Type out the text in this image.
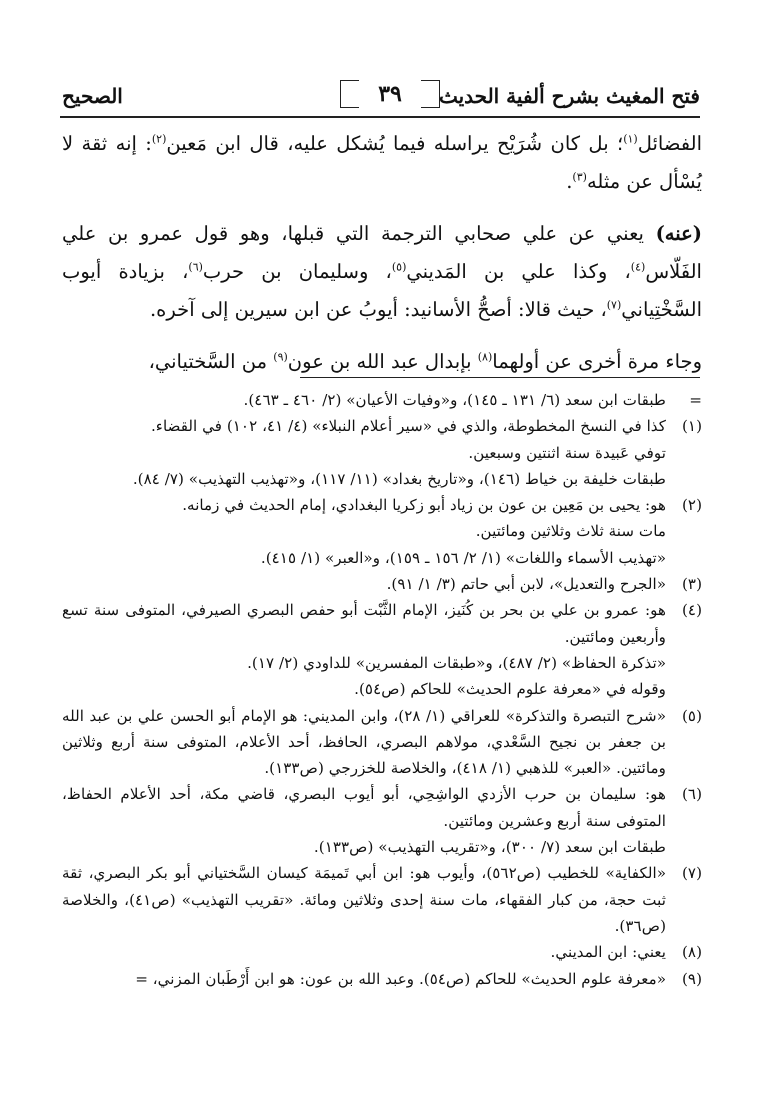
فتح المغيث بشرح ألفية الحديث
٣٩
الصحيح

الفضائل$^{(١)}$؛ بل كان شُرَيْح يراسله فيما يُشكل عليه، قال ابن مَعين$^{(٢)}$: إنه ثقة لا يُسْأل عن مثله$^{(٣)}$.

(عنه) يعني عن علي صحابي الترجمة التي قبلها، وهو قول عمرو بن علي الفَلّاس$^{(٤)}$، وكذا علي بن المَديني$^{(٥)}$، وسليمان بن حرب$^{(٦)}$، بزيادة أيوب السَّخْتِياني$^{(٧)}$، حيث قالا: أصحُّ الأسانيد: أيوبُ عن ابن سيرين إلى آخره.

وجاء مرة أخرى عن أولهما$^{(٨)}$ بإبدال عبد الله بن عون$^{(٩)}$ من السَّختياني،

=

طبقات ابن سعد (٦/ ١٣١ ـ ١٤٥)، و«وفيات الأعيان» (٢/ ٤٦٠ ـ ٤٦٣).

(١)

كذا في النسخ المخطوطة، والذي في «سير أعلام النبلاء» (٤/ ٤١، ١٠٢) في القضاء.

توفي عَبيدة سنة اثنتين وسبعين.

طبقات خليفة بن خياط (١٤٦)، و«تاريخ بغداد» (١١/ ١١٧)، و«تهذيب التهذيب» (٧/ ٨٤).

(٢)

هو: يحيى بن مَعِين بن عون بن زياد أبو زكريا البغدادي، إمام الحديث في زمانه.

مات سنة ثلاث وثلاثين ومائتين.

«تهذيب الأسماء واللغات» (١/ ٢/ ١٥٦ ـ ١٥٩)، و«العبر» (١/ ٤١٥).

(٣)

«الجرح والتعديل»، لابن أبي حاتم (٣/ ١/ ٩١).

(٤)

هو: عمرو بن علي بن بحر بن كُنَيز، الإمام الثَّبْت أبو حفص البصري الصيرفي، المتوفى سنة تسع وأربعين ومائتين.

«تذكرة الحفاظ» (٢/ ٤٨٧)، و«طبقات المفسرين» للداودي (٢/ ١٧).

وقوله في «معرفة علوم الحديث» للحاكم (ص٥٤).

(٥)

«شرح التبصرة والتذكرة» للعراقي (١/ ٢٨)، وابن المديني: هو الإمام أبو الحسن علي بن عبد الله بن جعفر بن نجيح السَّعْدي، مولاهم البصري، الحافظ، أحد الأعلام، المتوفى سنة أربع وثلاثين ومائتين. «العبر» للذهبي (١/ ٤١٨)، والخلاصة للخزرجي (ص١٣٣).

(٦)

هو: سليمان بن حرب الأزدي الواشِحِي، أبو أيوب البصري، قاضي مكة، أحد الأعلام الحفاظ، المتوفى سنة أربع وعشرين ومائتين.

طبقات ابن سعد (٧/ ٣٠٠)، و«تقريب التهذيب» (ص١٣٣).

(٧)

«الكفاية» للخطيب (ص٥٦٢)، وأيوب هو: ابن أبي تَميمَة كيسان السَّختياني أبو بكر البصري، ثقة ثبت حجة، من كبار الفقهاء، مات سنة إحدى وثلاثين ومائة. «تقريب التهذيب» (ص٤١)، والخلاصة (ص٣٦).

(٨)

يعني: ابن المديني.

(٩)

«معرفة علوم الحديث» للحاكم (ص٥٤). وعبد الله بن عون: هو ابن أَرْطَبان المزني، =
